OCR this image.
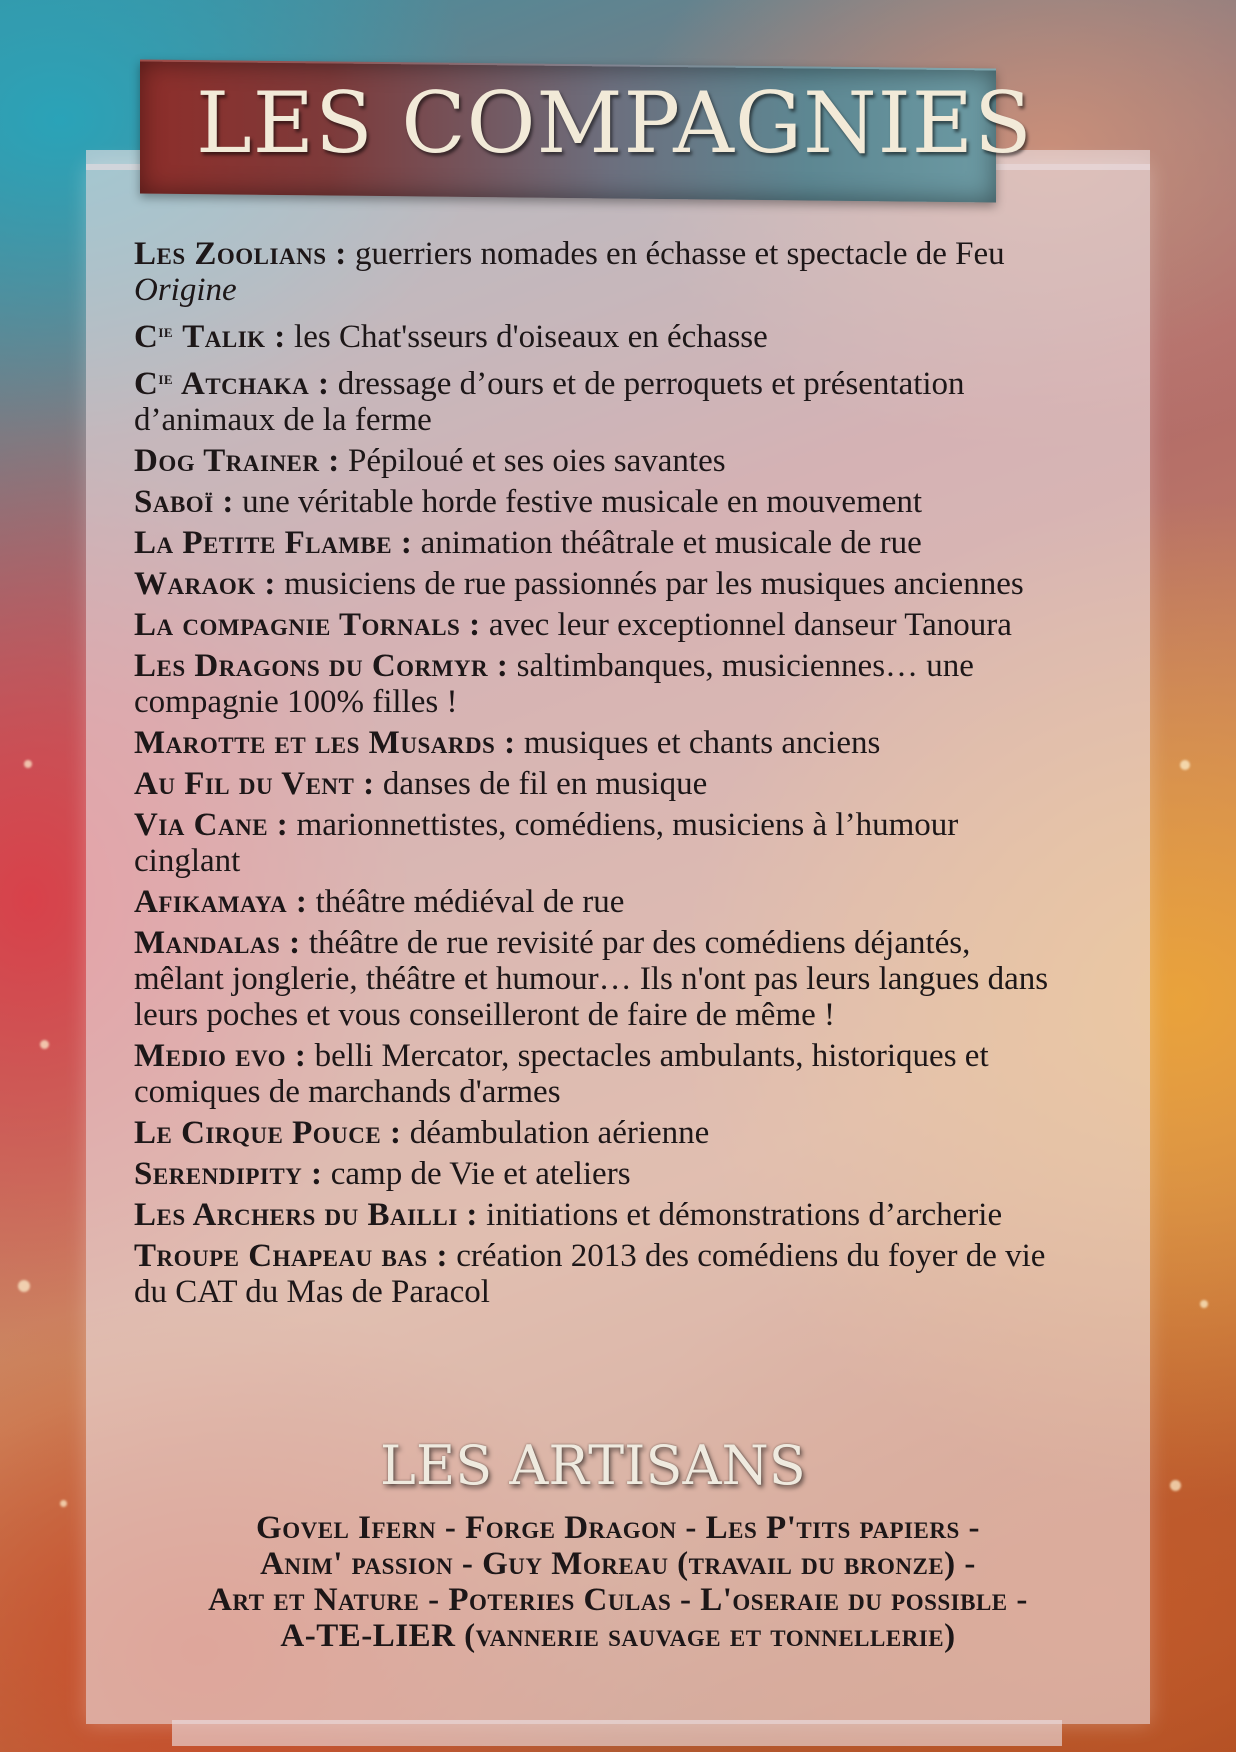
LES COMPAGNIES
Les Zoolians : guerriers nomades en échasse et spectacle de Feu Origine
$C^{ie}$ Talik : les Chat'sseurs d'oiseaux en échasse
$C^{ie}$ Atchaka : dressage d’ours et de perroquets et présentation d’animaux de la ferme
Dog Trainer : Pépiloué et ses oies savantes
Saboï : une véritable horde festive musicale en mouvement
La Petite Flambe : animation théâtrale et musicale de rue
Waraok : musiciens de rue passionnés par les musiques anciennes
La compagnie Tornals : avec leur exceptionnel danseur Tanoura
Les Dragons du Cormyr : saltimbanques, musiciennes… une compagnie 100% filles !
Marotte et les Musards : musiques et chants anciens
Au Fil du Vent : danses de fil en musique
Via Cane : marionnettistes, comédiens, musiciens à l’humour cinglant
Afikamaya : théâtre médiéval de rue
Mandalas : théâtre de rue revisité par des comédiens déjantés, mêlant jonglerie, théâtre et humour… Ils n'ont pas leurs langues dans leurs poches et vous conseilleront de faire de même !
Medio evo : belli Mercator, spectacles ambulants, historiques et comiques de marchands d'armes
Le Cirque Pouce : déambulation aérienne
Serendipity : camp de Vie et ateliers
Les Archers du Bailli : initiations et démonstrations d’archerie
Troupe Chapeau bas : création 2013 des comédiens du foyer de vie du CAT du Mas de Paracol
LES ARTISANS
Govel Ifern - Forge Dragon - Les P'tits papiers -
Anim' passion - Guy Moreau (travail du bronze) -
Art et Nature - Poteries Culas - L'oseraie du possible -
A-TE-LIER (vannerie sauvage et tonnellerie)
